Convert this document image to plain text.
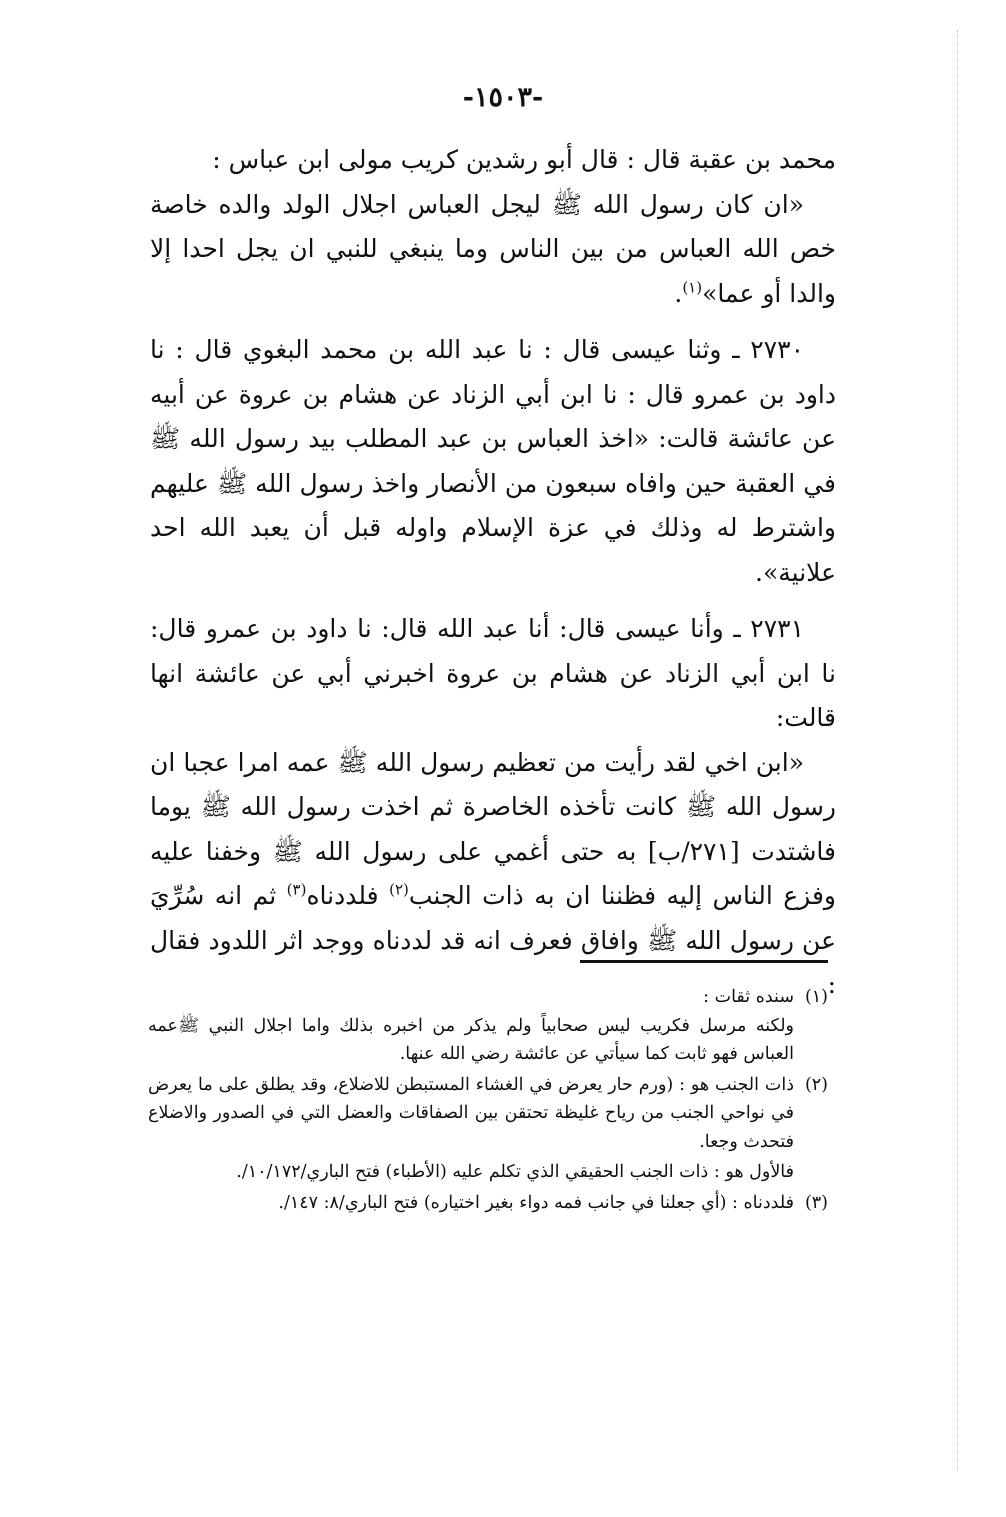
-١٥٠٣-

محمد بن عقبة قال : قال أبو رشدين كريب مولى ابن عباس :

«ان كان رسول الله ﷺ ليجل العباس اجلال الولد والده خاصة خص الله العباس من بين الناس وما ينبغي للنبي ان يجل احدا إلا والدا أو عما»$^{(١)}$.

٢٧٣٠ ـ وثنا عيسى قال : نا عبد الله بن محمد البغوي قال : نا داود بن عمرو قال : نا ابن أبي الزناد عن هشام بن عروة عن أبيه عن عائشة قالت: «اخذ العباس بن عبد المطلب بيد رسول الله ﷺ في العقبة حين وافاه سبعون من الأنصار واخذ رسول الله ﷺ عليهم واشترط له وذلك في عزة الإسلام واوله قبل أن يعبد الله احد علانية».

٢٧٣١ ـ وأنا عيسى قال: أنا عبد الله قال: نا داود بن عمرو قال: نا ابن أبي الزناد عن هشام بن عروة اخبرني أبي عن عائشة انها قالت:

«ابن اخي لقد رأيت من تعظيم رسول الله ﷺ عمه امرا عجبا ان رسول الله ﷺ كانت تأخذه الخاصرة ثم اخذت رسول الله ﷺ يوما فاشتدت [٢٧١/ب] به حتى أغمي على رسول الله ﷺ وخفنا عليه وفزع الناس إليه فظننا ان به ذات الجنب$^{(٢)}$ فلددناه$^{(٣)}$ ثم انه سُرِّيَ عن رسول الله ﷺ وافاق فعرف انه قد لددناه ووجد اثر اللدود فقال :

(١)

سنده ثقات :

ولكنه مرسل فكريب ليس صحابياً ولم يذكر من اخبره بذلك واما اجلال النبي ﷺعمه العباس فهو ثابت كما سيأتي عن عائشة رضي الله عنها.

(٢)

ذات الجنب هو : (ورم حار يعرض في الغشاء المستبطن للاضلاع، وقد يطلق على ما يعرض في نواحي الجنب من رياح غليظة تحتقن بين الصفاقات والعضل التي في الصدور والاضلاع فتحدث وجعا.

فالأول هو : ذات الجنب الحقيقي الذي تكلم عليه (الأطباء) فتح الباري/١٠/١٧٢/.

(٣)

فلددناه : (أي جعلنا في جانب فمه دواء بغير اختياره) فتح الباري/٨: ١٤٧/.
